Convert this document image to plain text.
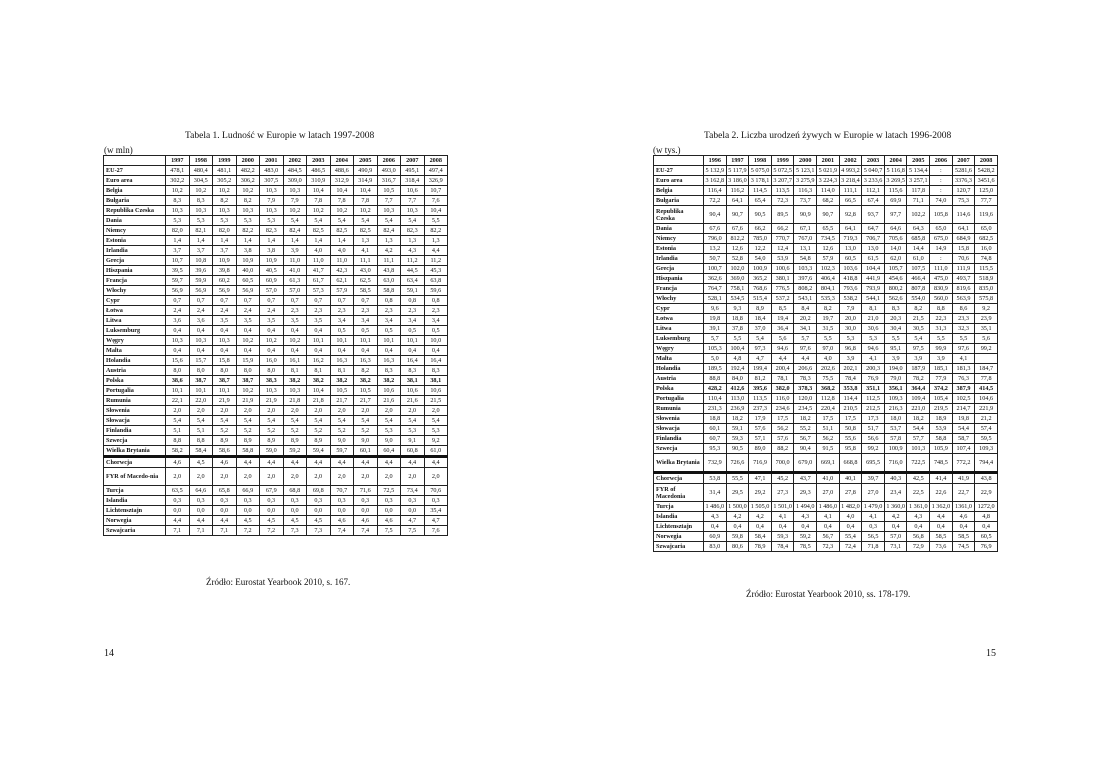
Tabela 1. Ludność w Europie w latach 1997-2008
(w mln)
	1997	1998	1999	2000	2001	2002	2003	2004	2005	2006	2007	2008
EU-27	478,1	480,4	481,1	482,2	483,0	484,5	486,5	488,6	490,9	493,0	495,1	497,4
Euro area	302,2	304,5	305,2	306,2	307,5	309,0	310,9	312,9	314,9	316,7	318,4	326,9
Belgia	10,2	10,2	10,2	10,2	10,3	10,3	10,4	10,4	10,4	10,5	10,6	10,7
Bułgaria	8,3	8,3	8,2	8,2	7,9	7,9	7,8	7,8	7,8	7,7	7,7	7,6
Republika Czeska	10,3	10,3	10,3	10,3	10,3	10,2	10,2	10,2	10,2	10,3	10,3	10,4
Dania	5,3	5,3	5,3	5,3	5,3	5,4	5,4	5,4	5,4	5,4	5,4	5,5
Niemcy	82,0	82,1	82,0	82,2	82,3	82,4	82,5	82,5	82,5	82,4	82,3	82,2
Estonia	1,4	1,4	1,4	1,4	1,4	1,4	1,4	1,4	1,3	1,3	1,3	1,3
Irlandia	3,7	3,7	3,7	3,8	3,8	3,9	4,0	4,0	4,1	4,2	4,3	4,4
Grecja	10,7	10,8	10,9	10,9	10,9	11,0	11,0	11,0	11,1	11,1	11,2	11,2
Hiszpania	39,5	39,6	39,8	40,0	40,5	41,0	41,7	42,3	43,0	43,8	44,5	45,3
Francja	59,7	59,9	60,2	60,5	60,9	61,3	61,7	62,1	62,5	63,0	63,4	63,8
Włochy	56,9	56,9	56,9	56,9	57,0	57,0	57,3	57,9	58,5	58,8	59,1	59,6
Cypr	0,7	0,7	0,7	0,7	0,7	0,7	0,7	0,7	0,7	0,8	0,8	0,8
Łotwa	2,4	2,4	2,4	2,4	2,4	2,3	2,3	2,3	2,3	2,3	2,3	2,3
Litwa	3,6	3,6	3,5	3,5	3,5	3,5	3,5	3,4	3,4	3,4	3,4	3,4
Luksemburg	0,4	0,4	0,4	0,4	0,4	0,4	0,4	0,5	0,5	0,5	0,5	0,5
Węgry	10,3	10,3	10,3	10,2	10,2	10,2	10,1	10,1	10,1	10,1	10,1	10,0
Malta	0,4	0,4	0,4	0,4	0,4	0,4	0,4	0,4	0,4	0,4	0,4	0,4
Holandia	15,6	15,7	15,8	15,9	16,0	16,1	16,2	16,3	16,3	16,3	16,4	16,4
Austria	8,0	8,0	8,0	8,0	8,0	8,1	8,1	8,1	8,2	8,3	8,3	8,3
Polska	38,6	38,7	38,7	38,7	38,3	38,2	38,2	38,2	38,2	38,2	38,1	38,1
Portugalia	10,1	10,1	10,1	10,2	10,3	10,3	10,4	10,5	10,5	10,6	10,6	10,6
Rumunia	22,1	22,0	21,9	21,9	21,9	21,8	21,8	21,7	21,7	21,6	21,6	21,5
Słowenia	2,0	2,0	2,0	2,0	2,0	2,0	2,0	2,0	2,0	2,0	2,0	2,0
Słowacja	5,4	5,4	5,4	5,4	5,4	5,4	5,4	5,4	5,4	5,4	5,4	5,4
Finlandia	5,1	5,1	5,2	5,2	5,2	5,2	5,2	5,2	5,2	5,3	5,3	5,3
Szwecja	8,8	8,8	8,9	8,9	8,9	8,9	8,9	9,0	9,0	9,0	9,1	9,2
Wielka Brytania	58,2	58,4	58,6	58,8	59,0	59,2	59,4	59,7	60,1	60,4	60,8	61,0
Chorwcja	4,6	4,5	4,6	4,4	4,4	4,4	4,4	4,4	4,4	4,4	4,4	4,4
FYR of Macedo-nia	2,0	2,0	2,0	2,0	2,0	2,0	2,0	2,0	2,0	2,0	2,0	2,0
Turcja	63,5	64,6	65,8	66,9	67,9	68,8	69,8	70,7	71,6	72,5	73,4	70,6
Islandia	0,3	0,3	0,3	0,3	0,3	0,3	0,3	0,3	0,3	0,3	0,3	0,3
Lichtensztajn	0,0	0,0	0,0	0,0	0,0	0,0	0,0	0,0	0,0	0,0	0,0	35,4
Norwegia	4,4	4,4	4,4	4,5	4,5	4,5	4,5	4,6	4,6	4,6	4,7	4,7
Szwajcaria	7,1	7,1	7,1	7,2	7,2	7,3	7,3	7,4	7,4	7,5	7,5	7,6
Źródło: Eurostat Yearbook 2010, s. 167.
14
Tabela 2. Liczba urodzeń żywych w Europie w latach 1996-2008
(w tys.)
	1996	1997	1998	1999	2000	2001	2002	2003	2004	2005	2006	2007	2008
EU-27	5 132,9	5 117,9	5 075,0	5 072,5	5 123,1	5 021,9	4 993,2	5 040,7	5 116,8	5 134,4	:	5281,6	5428,2
Euro area	3 162,8	3 186,0	3 178,1	3 207,7	3 275,9	3 224,3	3 218,4	3 233,6	3 269,5	3 257,1	:	3376,3	3451,6
Belgia	116,4	116,2	114,5	113,5	116,3	114,0	111,1	112,1	115,6	117,8	:	120,7	125,0
Bułgaria	72,2	64,1	65,4	72,3	73,7	68,2	66,5	67,4	69,9	71,1	74,0	75,3	77,7
Republika Czeska	90,4	90,7	90,5	89,5	90,9	90,7	92,8	93,7	97,7	102,2	105,8	114,6	119,6
Dania	67,6	67,6	66,2	66,2	67,1	65,5	64,1	64,7	64,6	64,3	65,0	64,1	65,0
Niemcy	796,0	812,2	785,0	770,7	767,0	734,5	719,3	706,7	705,6	685,8	675,0	684,9	682,5
Estonia	13,2	12,6	12,2	12,4	13,1	12,6	13,0	13,0	14,0	14,4	14,9	15,8	16,0
Irlandia	50,7	52,8	54,0	53,9	54,8	57,9	60,5	61,5	62,0	61,0	:	70,6	74,8
Grecja	100,7	102,0	100,9	100,6	103,3	102,3	103,6	104,4	105,7	107,5	111,0	111,9	115,5
Hiszpania	362,6	369,0	365,2	380,1	397,6	406,4	418,8	441,9	454,6	466,4	475,0	493,7	518,9
Francja	764,7	758,1	768,6	776,5	808,2	804,1	793,6	793,9	800,2	807,8	830,9	819,6	835,0
Włochy	528,1	534,5	515,4	537,2	543,1	535,3	538,2	544,1	562,6	554,0	560,0	563,9	575,8
Cypr	9,6	9,3	8,9	8,5	8,4	8,2	7,9	8,1	8,3	8,2	8,8	8,6	9,2
Łotwa	19,8	18,8	18,4	19,4	20,2	19,7	20,0	21,0	20,3	21,5	22,3	23,3	23,9
Litwa	39,1	37,8	37,0	36,4	34,1	31,5	30,0	30,6	30,4	30,5	31,3	32,3	35,1
Luksemburg	5,7	5,5	5,4	5,6	5,7	5,5	5,3	5,3	5,5	5,4	5,5	5,5	5,6
Węgry	105,3	100,4	97,3	94,6	97,6	97,0	96,8	94,6	95,1	97,5	99,9	97,6	99,2
Malta	5,0	4,8	4,7	4,4	4,4	4,0	3,9	4,1	3,9	3,9	3,9	4,1	
Holandia	189,5	192,4	199,4	200,4	206,6	202,6	202,1	200,3	194,0	187,9	185,1	181,3	184,7
Austria	88,8	84,0	81,2	78,1	78,3	75,5	78,4	76,9	79,0	78,2	77,9	76,3	77,8
Polska	428,2	412,6	395,6	382,0	378,3	368,2	353,8	351,1	356,1	364,4	374,2	387,9	414,5
Portugalia	110,4	113,0	113,5	116,0	120,0	112,8	114,4	112,5	109,3	109,4	105,4	102,5	104,6
Rumunia	231,3	236,9	237,3	234,6	234,5	220,4	210,5	212,5	216,3	221,0	219,5	214,7	221,9
Słowenia	18,8	18,2	17,9	17,5	18,2	17,5	17,5	17,3	18,0	18,2	18,9	19,8	21,2
Słowacja	60,1	59,1	57,6	56,2	55,2	51,1	50,8	51,7	53,7	54,4	53,9	54,4	57,4
Finlandia	60,7	59,3	57,1	57,6	56,7	56,2	55,6	56,6	57,8	57,7	58,8	58,7	59,5
Szwecja	95,3	90,5	89,0	88,2	90,4	91,5	95,8	99,2	100,9	101,3	105,9	107,4	109,3
Wielka Brytania	732,9	726,6	716,9	700,0	679,0	669,1	668,8	695,5	716,0	722,5	748,5	772,2	794,4
Chorwcja	53,8	55,5	47,1	45,2	43,7	41,0	40,1	39,7	40,3	42,5	41,4	41,9	43,8
FYR of Macedonia	31,4	29,5	29,2	27,3	29,3	27,0	27,8	27,0	23,4	22,5	22,6	22,7	22,9
Turcja	1 486,0	1 500,0	1 505,0	1 501,0	1 494,0	1 486,0	1 482,0	1 479,0	1 360,0	1 361,0	1 362,0	1361,0	1272,0
Islandia	4,3	4,2	4,2	4,1	4,3	4,1	4,0	4,1	4,2	4,3	4,4	4,6	4,8
Lichtensztajn	0,4	0,4	0,4	0,4	0,4	0,4	0,4	0,3	0,4	0,4	0,4	0,4	0,4
Norwegia	60,9	59,8	58,4	59,3	59,2	56,7	55,4	56,5	57,0	56,8	58,5	58,5	60,5
Szwajcaria	83,0	80,6	78,9	78,4	78,5	72,3	72,4	71,8	73,1	72,9	73,6	74,5	76,9
Źródło: Eurostat Yearbook 2010, ss. 178-179.
15
